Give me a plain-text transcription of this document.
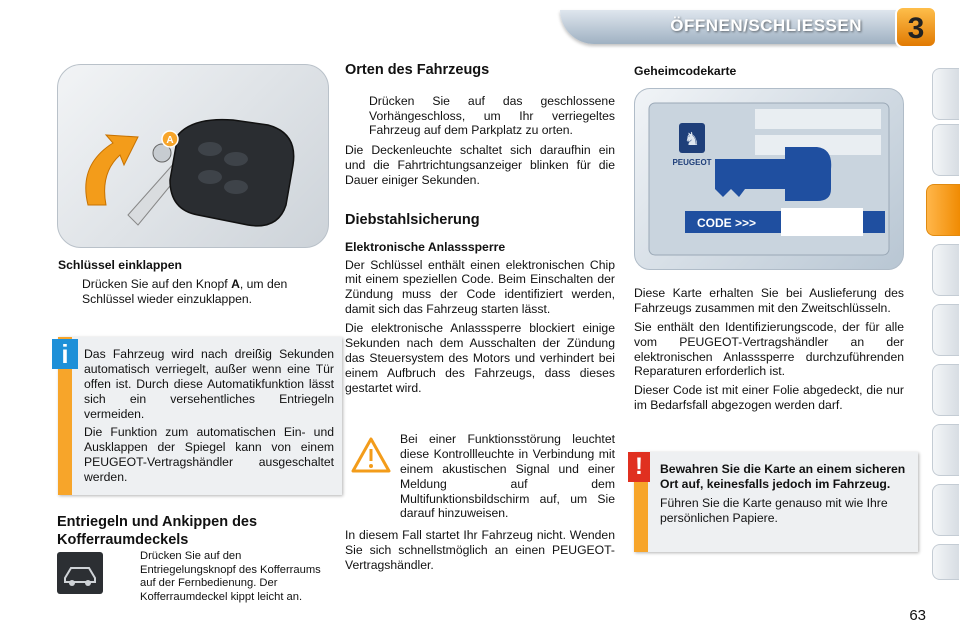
ÖFFNEN/SCHLIESSEN 3
A
Schlüssel einklappen
Drücken Sie auf den Knopf A, um den Schlüssel wieder einzuklappen.

Das Fahrzeug wird nach dreißig Sekunden automatisch verriegelt, außer wenn eine Tür offen ist. Durch diese Automatikfunktion lässt sich ein versehentliches Entriegeln vermeiden.

Die Funktion zum automatischen Ein- und Ausklappen der Spiegel kann von einem PEUGEOT-Vertragshändler ausgeschaltet werden.

i
Entriegeln und Ankippen des Kofferraumdeckels
Drücken Sie auf den Entriegelungsknopf des Kofferraums auf der Fernbedienung. Der Kofferraumdeckel kippt leicht an.
Orten des Fahrzeugs
Drücken Sie auf das geschlossene Vorhängeschloss, um Ihr verriegeltes Fahrzeug auf dem Parkplatz zu orten.

Die Deckenleuchte schaltet sich daraufhin ein und die Fahrtrichtungsanzeiger blinken für die Dauer einiger Sekunden.

Diebstahlsicherung
Elektronische Anlasssperre

Der Schlüssel enthält einen elektronischen Chip mit einem speziellen Code. Beim Einschalten der Zündung muss der Code identifiziert werden, damit sich das Fahrzeug starten lässt.

Die elektronische Anlasssperre blockiert einige Sekunden nach dem Ausschalten der Zündung das Steuersystem des Motors und verhindert bei einem Aufbruch des Fahrzeugs, dass dieses gestartet wird.

Bei einer Funktionsstörung leuchtet diese Kontrollleuchte in Verbindung mit einem akustischen Signal und einer Meldung auf dem Multifunktionsbildschirm auf, um Sie darauf hinzuweisen.

In diesem Fall startet Ihr Fahrzeug nicht. Wenden Sie sich schnellstmöglich an einen PEUGEOT-Vertragshändler.

Geheimcodekarte
♞
PEUGEOT
CODE >>>

Diese Karte erhalten Sie bei Auslieferung des Fahrzeugs zusammen mit den Zweitschlüsseln.

Sie enthält den Identifizierungscode, der für alle vom PEUGEOT-Vertragshändler an der elektronischen Anlasssperre durchzuführenden Reparaturen erforderlich ist.

Dieser Code ist mit einer Folie abgedeckt, die nur im Bedarfsfall abgezogen werden darf.

Bewahren Sie die Karte an einem sicheren Ort auf, keinesfalls jedoch im Fahrzeug.

Führen Sie die Karte genauso mit wie Ihre persönlichen Papiere.

!
63
